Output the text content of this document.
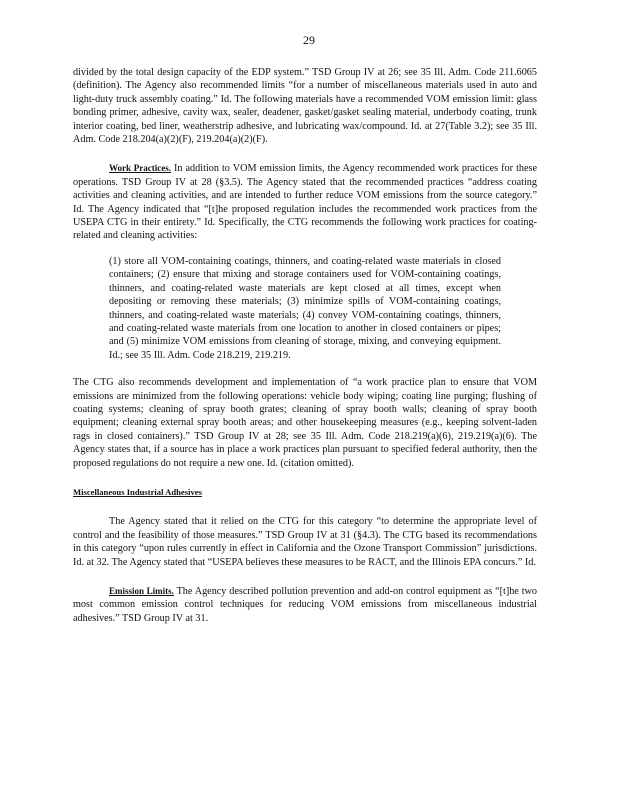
29

divided by the total design capacity of the EDP system.” TSD Group IV at 26; see 35 Ill. Adm. Code 211.6065 (definition). The Agency also recommended limits “for a number of miscellaneous materials used in auto and light-duty truck assembly coating.” Id. The following materials have a recommended VOM emission limit: glass bonding primer, adhesive, cavity wax, sealer, deadener, gasket/gasket sealing material, underbody coating, trunk interior coating, bed liner, weatherstrip adhesive, and lubricating wax/compound. Id. at 27(Table 3.2); see 35 Ill. Adm. Code 218.204(a)(2)(F), 219.204(a)(2)(F).

Work Practices. In addition to VOM emission limits, the Agency recommended work practices for these operations. TSD Group IV at 28 (§3.5). The Agency stated that the recommended practices “address coating activities and cleaning activities, and are intended to further reduce VOM emissions from the source category.” Id. The Agency indicated that “[t]he proposed regulation includes the recommended work practices from the USEPA CTG in their entirety.” Id. Specifically, the CTG recommends the following work practices for coating-related and cleaning activities:

(1) store all VOM-containing coatings, thinners, and coating-related waste materials in closed containers; (2) ensure that mixing and storage containers used for VOM-containing coatings, thinners, and coating-related waste materials are kept closed at all times, except when depositing or removing these materials; (3) minimize spills of VOM-containing coatings, thinners, and coating-related waste materials; (4) convey VOM-containing coatings, thinners, and coating-related waste materials from one location to another in closed containers or pipes; and (5) minimize VOM emissions from cleaning of storage, mixing, and conveying equipment. Id.; see 35 Ill. Adm. Code 218.219, 219.219.

The CTG also recommends development and implementation of “a work practice plan to ensure that VOM emissions are minimized from the following operations: vehicle body wiping; coating line purging; flushing of coating systems; cleaning of spray booth grates; cleaning of spray booth walls; cleaning of spray booth equipment; cleaning external spray booth areas; and other housekeeping measures (e.g., keeping solvent-laden rags in closed containers).” TSD Group IV at 28; see 35 Ill. Adm. Code 218.219(a)(6), 219.219(a)(6). The Agency states that, if a source has in place a work practices plan pursuant to specified federal authority, then the proposed regulations do not require a new one. Id. (citation omitted).

Miscellaneous Industrial Adhesives

The Agency stated that it relied on the CTG for this category “to determine the appropriate level of control and the feasibility of those measures.” TSD Group IV at 31 (§4.3). The CTG based its recommendations in this category “upon rules currently in effect in California and the Ozone Transport Commission” jurisdictions. Id. at 32. The Agency stated that “USEPA believes these measures to be RACT, and the Illinois EPA concurs.” Id.

Emission Limits. The Agency described pollution prevention and add-on control equipment as “[t]he two most common emission control techniques for reducing VOM emissions from miscellaneous industrial adhesives.” TSD Group IV at 31.
